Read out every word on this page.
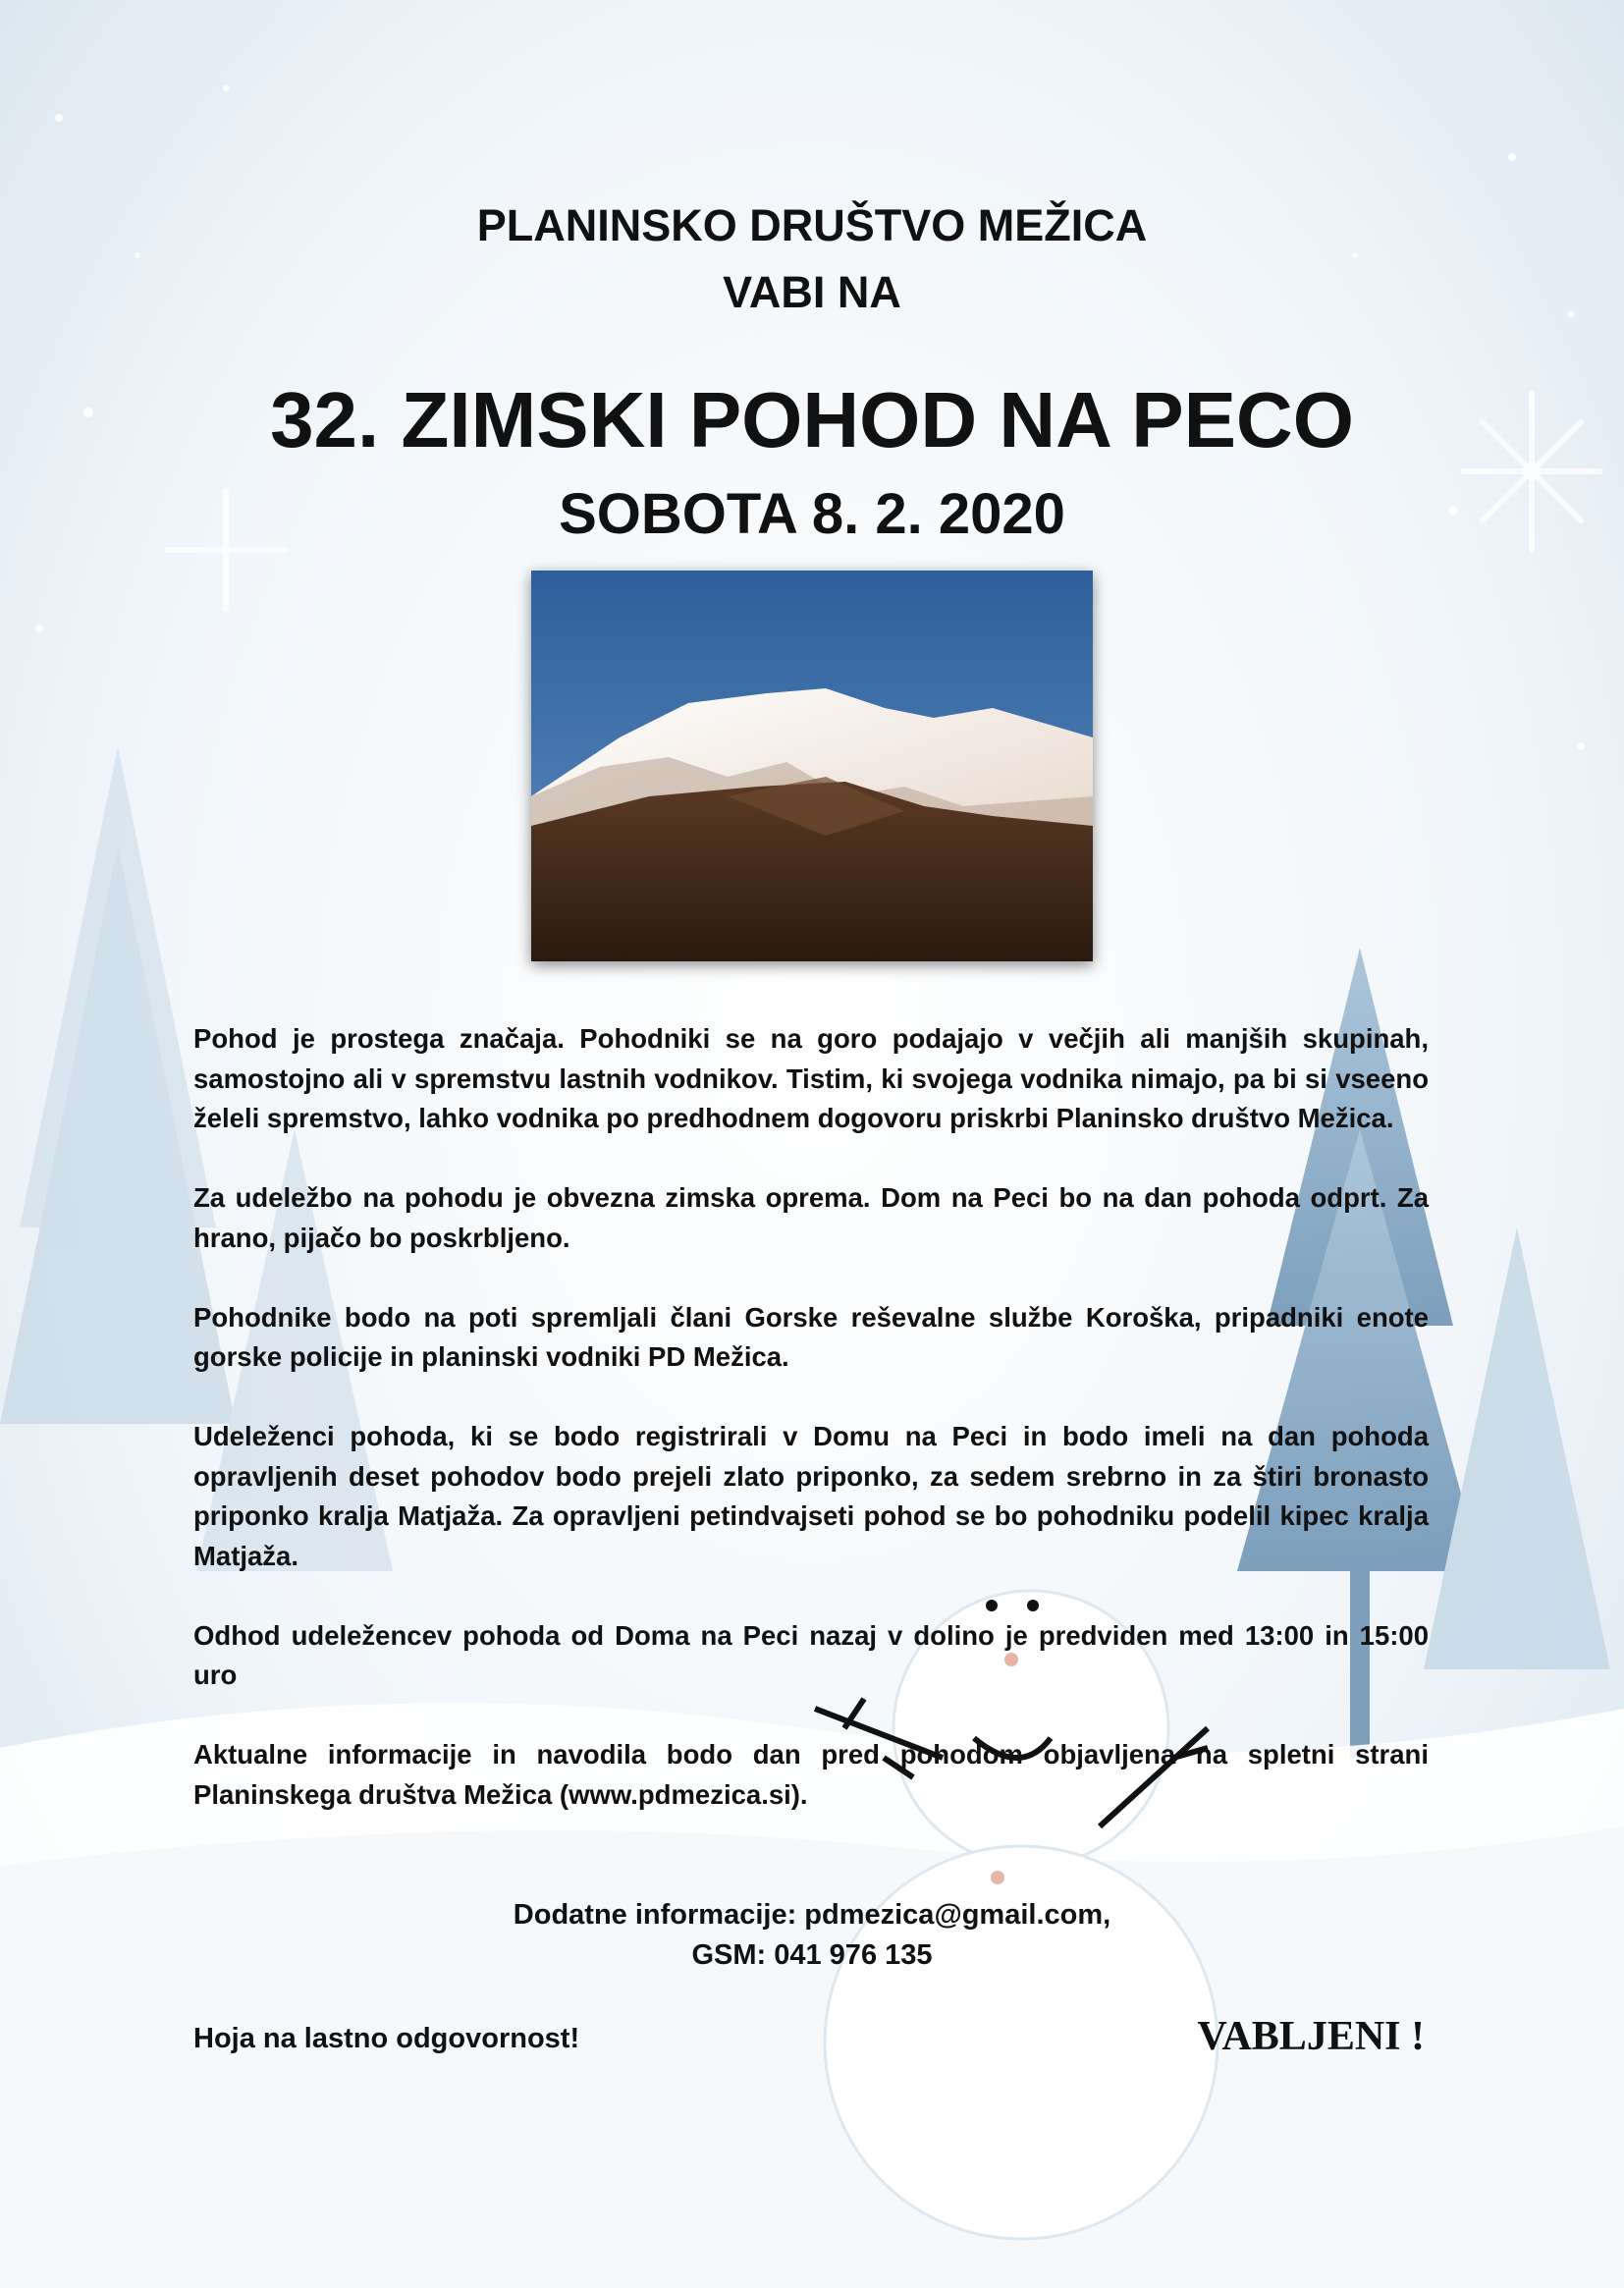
PLANINSKO DRUŠTVO MEŽICA
VABI NA
32. ZIMSKI POHOD NA PECO
SOBOTA 8. 2. 2020

Pohod je prostega značaja. Pohodniki se na goro podajajo v večjih ali manjših skupinah, samostojno ali v spremstvu lastnih vodnikov. Tistim, ki svojega vodnika nimajo, pa bi si vseeno želeli spremstvo, lahko vodnika po predhodnem dogovoru priskrbi Planinsko društvo Mežica.

Za udeležbo na pohodu je obvezna zimska oprema. Dom na Peci bo na dan pohoda odprt. Za hrano, pijačo bo poskrbljeno.

Pohodnike bodo na poti spremljali člani Gorske reševalne službe Koroška, pripadniki enote gorske policije in planinski vodniki PD Mežica.

Udeleženci pohoda, ki se bodo registrirali v Domu na Peci in bodo imeli na dan pohoda opravljenih deset pohodov bodo prejeli zlato priponko, za sedem srebrno in za štiri bronasto priponko kralja Matjaža. Za opravljeni petindvajseti pohod se bo pohodniku podelil kipec kralja Matjaža.

Odhod udeležencev pohoda od Doma na Peci nazaj v dolino je predviden med 13:00 in 15:00 uro

Aktualne informacije in navodila bodo dan pred pohodom objavljena na spletni strani Planinskega društva Mežica (www.pdmezica.si).

Dodatne informacije: pdmezica@gmail.com,
GSM: 041 976 135
Hoja na lastno odgovornost!	VABLJENI !
